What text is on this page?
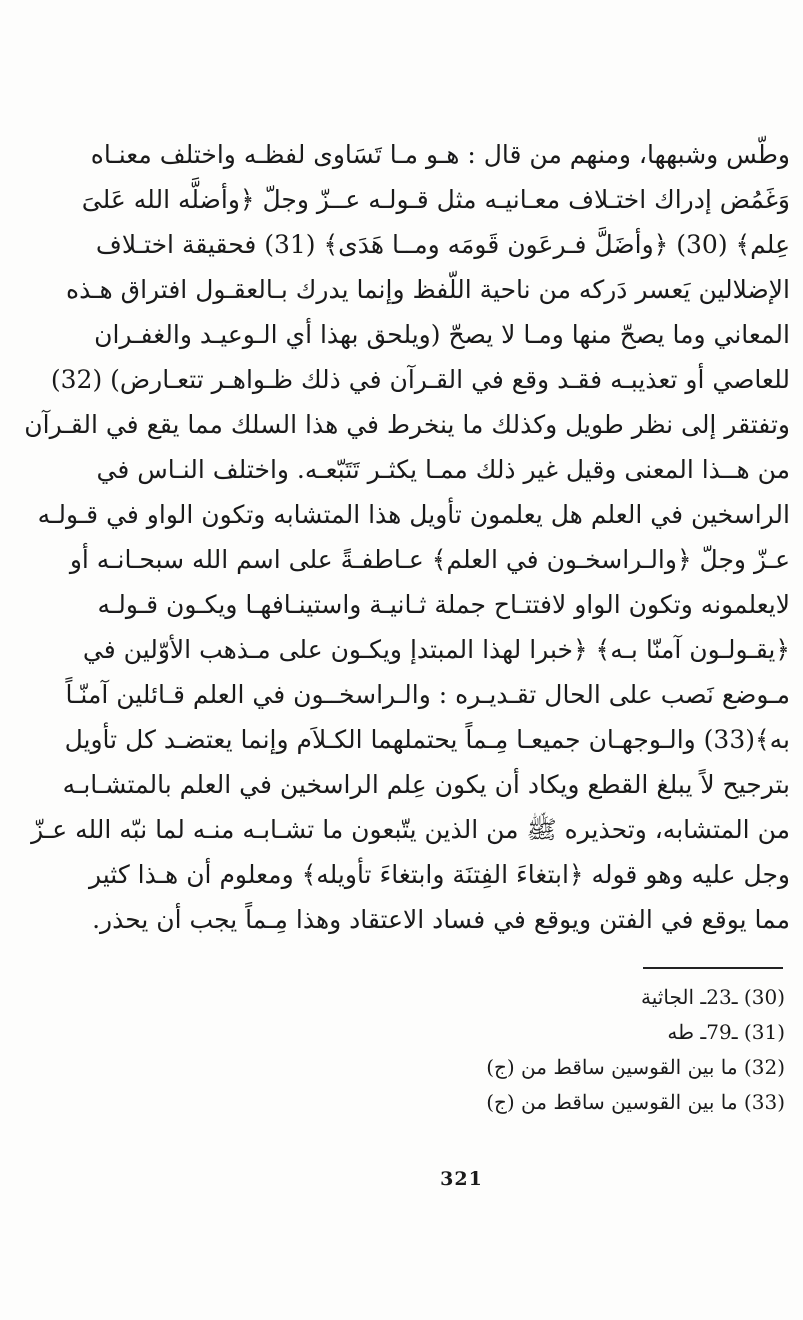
وطّس وشبهها، ومنهم من قال : هـو مـا تَسَاوى لفظـه واختلف معنـاه
وَغَمُض إدراك اختـلاف معـانيـه مثل قـولـه عــزّ وجلّ ﴿وأضلَّه الله عَلىَ
عِلم﴾ (30) ﴿وأضَلَّ فـرعَون قَومَه ومــا هَدَى﴾ (31) فحقيقة اختـلاف
الإضلالين يَعسر دَركه من ناحية اللّفظ وإنما يدرك بـالعقـول افتراق هـذه
المعاني وما يصحّ منها ومـا لا يصحّ (ويلحق بهذا أي الـوعيـد والغفـران
للعاصي أو تعذيبـه فقـد وقع في القـرآن في ذلك ظـواهـر تتعـارض) (32)
وتفتقر إلى نظر طويل وكذلك ما ينخرط في هذا السلك مما يقع في القـرآن
من هــذا المعنى وقيل غير ذلك ممـا يكثـر تَتَبّعـه. واختلف النـاس في
الراسخين في العلم هل يعلمون تأويل هذا المتشابه وتكون الواو في قـولـه
عـزّ وجلّ ﴿والـراسخـون في العلم﴾ عـاطفـةً على اسم الله سبحـانـه أو
لايعلمونه وتكون الواو لافتتـاح جملة ثـانيـة واستينـافهـا ويكـون قـولـه
﴿يقـولـون آمنّا بـه﴾ ﴿خبرا لهذا المبتدإ ويكـون على مـذهب الأوّلين في
مـوضع نَصب على الحال تقـديـره : والـراسخــون في العلم قـائلين آمنّـاً
به﴾(33) والـوجهـان جميعـا مِـماً يحتملهما الكـلاَم وإنما يعتضـد كل تأويل
بترجيح لاً يبلغ القطع ويكاد أن يكون عِلم الراسخين في العلم بالمتشـابـه
من المتشابه، وتحذيره ﷺ من الذين يتّبعون ما تشـابـه منـه لما نبّه الله عـزّ
وجل عليه وهو قوله ﴿ابتغاءَ الفِتنَة وابتغاءَ تأويله﴾ ومعلوم أن هـذا كثير
مما يوقع في الفتن ويوقع في فساد الاعتقاد وهذا مِـماً يجب أن يحذر.
(30) ـ23ـ الجاثية
(31) ـ79ـ طه
(32) ما بين القوسين ساقط من (ج)
(33) ما بين القوسين ساقط من (ج)
321
